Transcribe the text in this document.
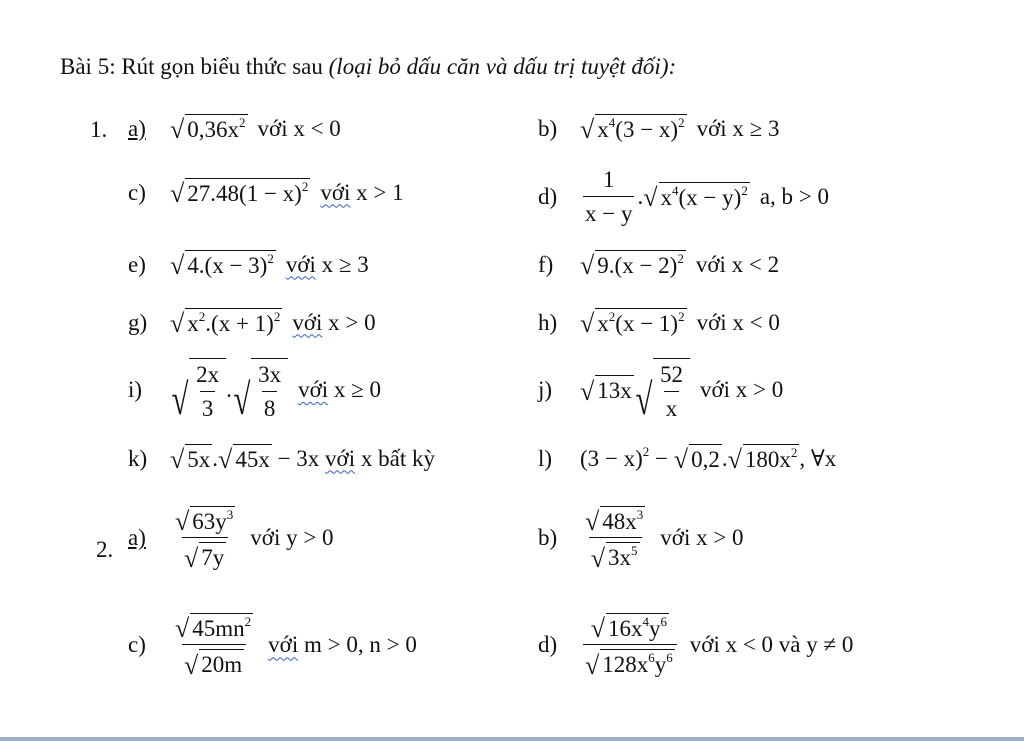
Bài 5: Rút gọn biểu thức sau (loại bỏ dấu căn và dấu trị tuyệt đối):
1. a) √ $0,36x^2$ với x < 0	b) √ $x^4(3 - x)^2$ với x ≥ 3
c) √ $27.48(1 - x)^2$ với x > 1	d)	$\frac{1}{x - y}$ . √ $x^4(x - y)^2$ a, b > 0
e) √ $4.(x - 3)^2$ với x ≥ 3	f)	√ $9.(x - 2)^2$ với x < 2
g) √ $x^2.(x + 1)^2$ với x > 0	h) √ $x^2(x - 1)^2$ với x < 0
i) √ $\frac{2x}{3}$ . √ $\frac{3x}{8}$ với x ≥ 0	j)	√ 13x √ $\frac{52}{x}$ với x > 0
k) √ 5x . √ 45x − 3x với x bất kỳ	l)	$(3 - x)^2$ − √ 0,2 . √ $180x^2$ , ∀x
2. a)	$\frac{√ 63y^3}{√ 7y}$ với y > 0	$b) \frac{√ 48x^3}{√ 3x^5}$ với x > 0
c)	$\frac{√ 45mn^2}{√ 20m}$ với m > 0, n > 0	$d) \frac{√ 16x^4y^6}{√ 128x^6y^6}$ với x < 0 và y ≠ 0
